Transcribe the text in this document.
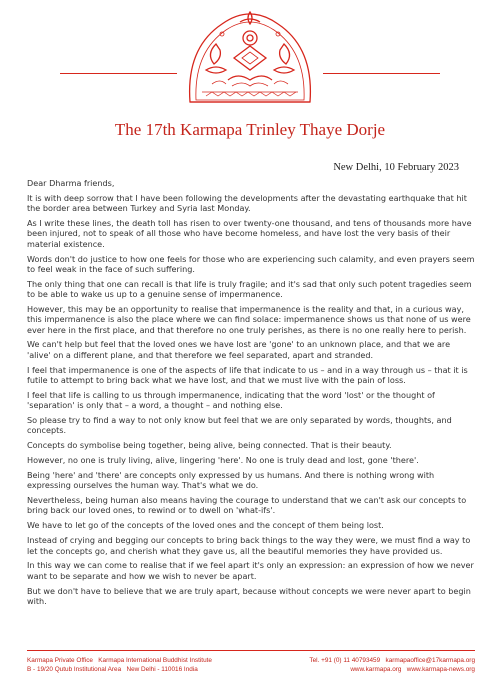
The 17th Karmapa Trinley Thaye Dorje

New Delhi, 10 February 2023

Dear Dharma friends,

It is with deep sorrow that I have been following the developments after the devastating earthquake that hit the border area between Turkey and Syria last Monday.

As I write these lines, the death toll has risen to over twenty-one thousand, and tens of thousands more have been injured, not to speak of all those who have become homeless, and have lost the very basis of their material existence.

Words don't do justice to how one feels for those who are experiencing such calamity, and even prayers seem to feel weak in the face of such suffering.

The only thing that one can recall is that life is truly fragile; and it's sad that only such potent tragedies seem to be able to wake us up to a genuine sense of impermanence.

However, this may be an opportunity to realise that impermanence is the reality and that, in a curious way, this impermanence is also the place where we can find solace: impermanence shows us that none of us were ever here in the first place, and that therefore no one truly perishes, as there is no one really here to perish.

We can't help but feel that the loved ones we have lost are 'gone' to an unknown place, and that we are 'alive' on a different plane, and that therefore we feel separated, apart and stranded.

I feel that impermanence is one of the aspects of life that indicate to us – and in a way through us – that it is futile to attempt to bring back what we have lost, and that we must live with the pain of loss.

I feel that life is calling to us through impermanence, indicating that the word 'lost' or the thought of 'separation' is only that – a word, a thought – and nothing else.

So please try to find a way to not only know but feel that we are only separated by words, thoughts, and concepts.

Concepts do symbolise being together, being alive, being connected. That is their beauty.

However, no one is truly living, alive, lingering 'here'. No one is truly dead and lost, gone 'there'.

Being 'here' and 'there' are concepts only expressed by us humans. And there is nothing wrong with expressing ourselves the human way. That's what we do.

Nevertheless, being human also means having the courage to understand that we can't ask our concepts to bring back our loved ones, to rewind or to dwell on 'what-ifs'.

We have to let go of the concepts of the loved ones and the concept of them being lost.

Instead of crying and begging our concepts to bring back things to the way they were, we must find a way to let the concepts go, and cherish what they gave us, all the beautiful memories they have provided us.

In this way we can come to realise that if we feel apart it's only an expression: an expression of how we never want to be separate and how we wish to never be apart.

But we don't have to believe that we are truly apart, because without concepts we were never apart to begin with.

Karmapa Private Office Karmapa International Buddhist Institute
B - 19/20 Qutub Institutional Area New Delhi - 110016 India
Tel. +91 (0) 11 40793459 karmapaoffice@17karmapa.org
www.karmapa.org www.karmapa-news.org
